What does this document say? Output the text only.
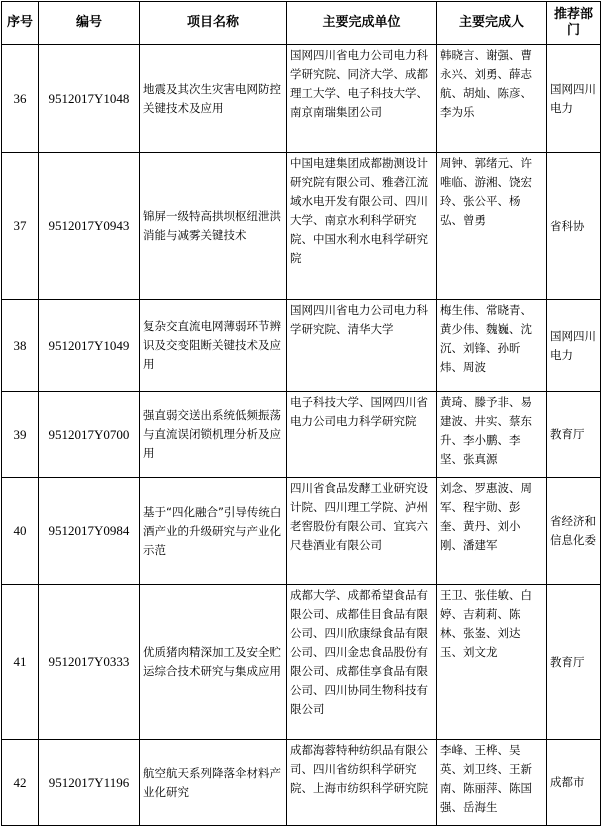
序号	编号	项目名称	主要完成单位	主要完成人	推荐部门
36	9512017Y1048	地震及其次生灾害电网防控关键技术及应用	国网四川省电力公司电力科学研究院、同济大学、成都理工大学、电子科技大学、南京南瑞集团公司	韩晓言、谢强、曹永兴、刘勇、薛志航、胡灿、陈彦、李为乐	国网四川电力

37	9512017Y0943	锦屏一级特高拱坝枢纽泄洪消能与减雾关键技术	中国电建集团成都勘测设计研究院有限公司、雅砻江流域水电开发有限公司、四川大学、南京水利科学研究院、中国水利水电科学研究院	周钟、郭绪元、许唯临、游湘、饶宏玲、张公平、杨弘、曾勇	省科协

38	9512017Y1049	复杂交直流电网薄弱环节辨识及交变阻断关键技术及应用	国网四川省电力公司电力科学研究院、清华大学	梅生伟、常晓青、黄少伟、魏巍、沈沉、刘锋、孙昕炜、周波	国网四川电力

39	9512017Y0700	强直弱交送出系统低频振荡与直流误闭锁机理分析及应用	电子科技大学、国网四川省电力公司电力科学研究院	黄琦、滕予非、易建波、井实、蔡东升、李小鹏、李坚、张真源	教育厅

40	9512017Y0984	基于“四化融合”引导传统白酒产业的升级研究与产业化示范	四川省食品发酵工业研究设计院、四川理工学院、泸州老窖股份有限公司、宜宾六尺巷酒业有限公司	刘念、罗惠波、周军、程宇勋、彭奎、黄丹、刘小刚、潘建军	省经济和信息化委

41	9512017Y0333	优质猪肉精深加工及安全贮运综合技术研究与集成应用	成都大学、成都希望食品有限公司、成都佳目食品有限公司、四川欣康绿食品有限公司、四川金忠食品股份有限公司、成都佳享食品有限公司、四川协同生物科技有限公司	王卫、张佳敏、白婷、吉莉莉、陈林、张崟、刘达玉、刘文龙	教育厅

42	9512017Y1196	航空航天系列降落伞材料产业化研究	成都海蓉特种纺织品有限公司、四川省纺织科学研究院、上海市纺织科学研究院	李峰、王桦、吴英、刘卫终、王新南、陈丽萍、陈国强、岳海生	成都市
